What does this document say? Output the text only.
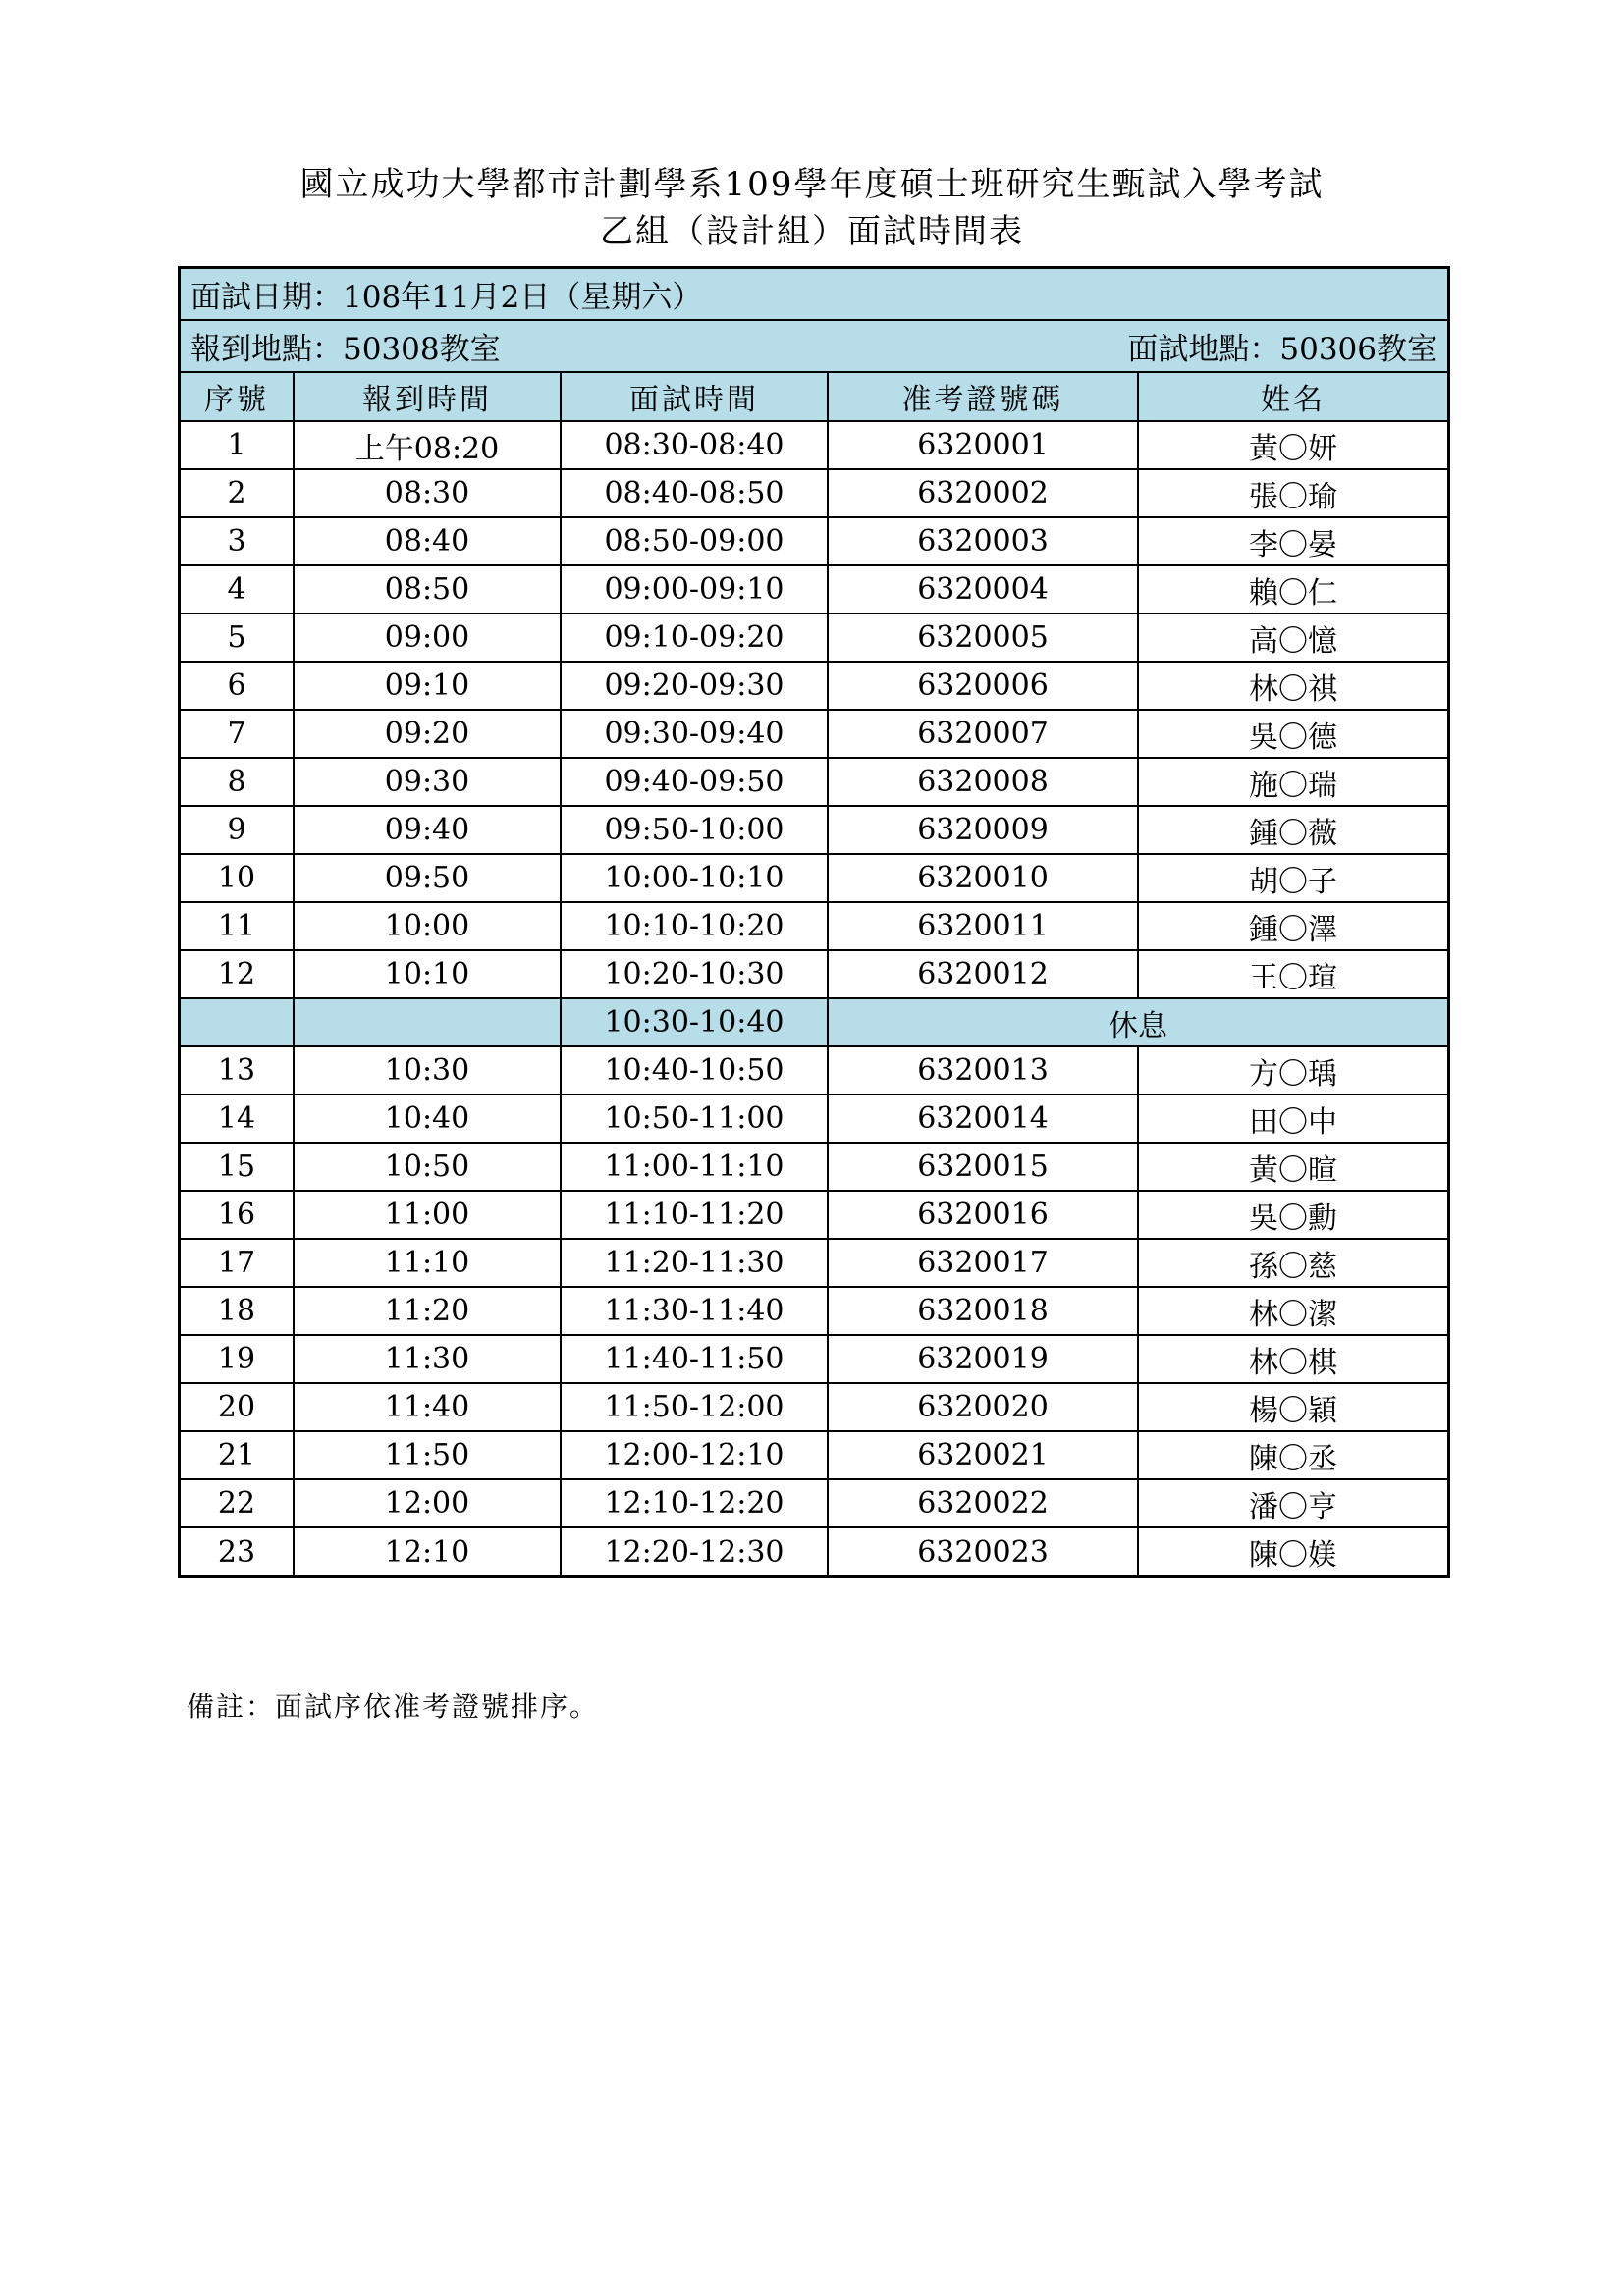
國立成功大學都市計劃學系109學年度碩士班研究生甄試入學考試
乙組（設計組）面試時間表
面試日期：108年11月2日（星期六）
報到地點：50308教室	面試地點：50306教室
序號	報到時間	面試時間	准考證號碼	姓名
1	上午08:20	08:30-08:40	6320001	黃〇妍
2	08:30	08:40-08:50	6320002	張〇瑜
3	08:40	08:50-09:00	6320003	李〇晏
4	08:50	09:00-09:10	6320004	賴〇仁
5	09:00	09:10-09:20	6320005	高〇憶
6	09:10	09:20-09:30	6320006	林〇祺
7	09:20	09:30-09:40	6320007	吳〇德
8	09:30	09:40-09:50	6320008	施〇瑞
9	09:40	09:50-10:00	6320009	鍾〇薇
10	09:50	10:00-10:10	6320010	胡〇子
11	10:00	10:10-10:20	6320011	鍾〇澤
12	10:10	10:20-10:30	6320012	王〇瑄
		10:30-10:40	休息	
13	10:30	10:40-10:50	6320013	方〇瑀
14	10:40	10:50-11:00	6320014	田〇中
15	10:50	11:00-11:10	6320015	黃〇暄
16	11:00	11:10-11:20	6320016	吳〇勳
17	11:10	11:20-11:30	6320017	孫〇慈
18	11:20	11:30-11:40	6320018	林〇潔
19	11:30	11:40-11:50	6320019	林〇棋
20	11:40	11:50-12:00	6320020	楊〇穎
21	11:50	12:00-12:10	6320021	陳〇丞
22	12:00	12:10-12:20	6320022	潘〇亨
23	12:10	12:20-12:30	6320023	陳〇媄
備註：面試序依准考證號排序。
